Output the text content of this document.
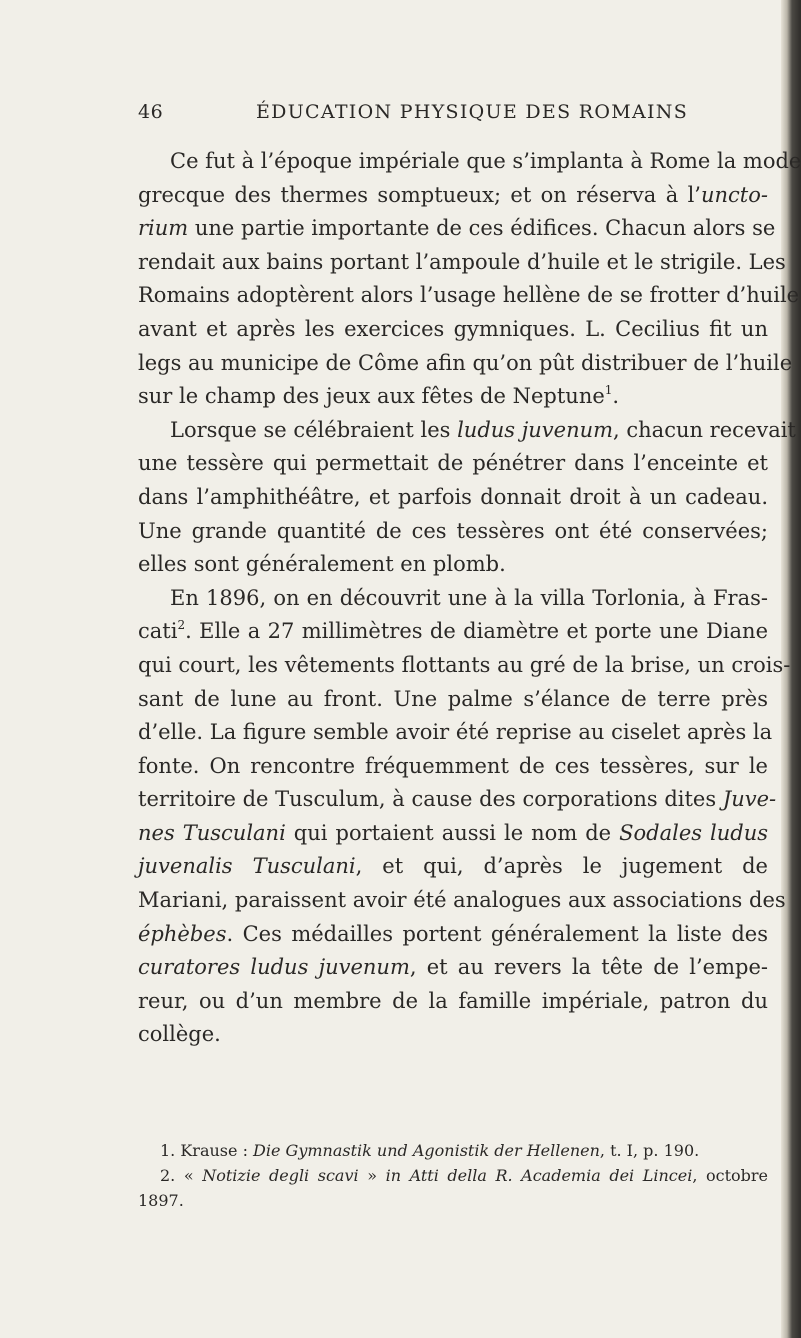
46	ÉDUCATION PHYSIQUE DES ROMAINS
Ce fut à l’époque impériale que s’implanta à Rome la mode
grecque des thermes somptueux; et on réserva à l’uncto-
rium une partie importante de ces édifices. Chacun alors se
rendait aux bains portant l’ampoule d’huile et le strigile. Les
Romains adoptèrent alors l’usage hellène de se frotter d’huile
avant et après les exercices gymniques. L. Cecilius fit un
legs au municipe de Côme afin qu’on pût distribuer de l’huile
sur le champ des jeux aux fêtes de Neptune$^1$.
Lorsque se célébraient les ludus juvenum, chacun recevait
une tessère qui permettait de pénétrer dans l’enceinte et
dans l’amphithéâtre, et parfois donnait droit à un cadeau.
Une grande quantité de ces tessères ont été conservées;
elles sont généralement en plomb.
En 1896, on en découvrit une à la villa Torlonia, à Fras-
cati$^2$. Elle a 27 millimètres de diamètre et porte une Diane
qui court, les vêtements flottants au gré de la brise, un crois-
sant de lune au front. Une palme s’élance de terre près
d’elle. La figure semble avoir été reprise au ciselet après la
fonte. On rencontre fréquemment de ces tessères, sur le
territoire de Tusculum, à cause des corporations dites Juve-
nes Tusculani qui portaient aussi le nom de Sodales ludus
juvenalis Tusculani, et qui, d’après le jugement de
Mariani, paraissent avoir été analogues aux associations des
éphèbes. Ces médailles portent généralement la liste des
curatores ludus juvenum, et au revers la tête de l’empe-
reur, ou d’un membre de la famille impériale, patron du
collège.
1. Krause : Die Gymnastik und Agonistik der Hellenen, t. I, p. 190.
2. « Notizie degli scavi » in Atti della R. Academia dei Lincei, octobre
1897.
